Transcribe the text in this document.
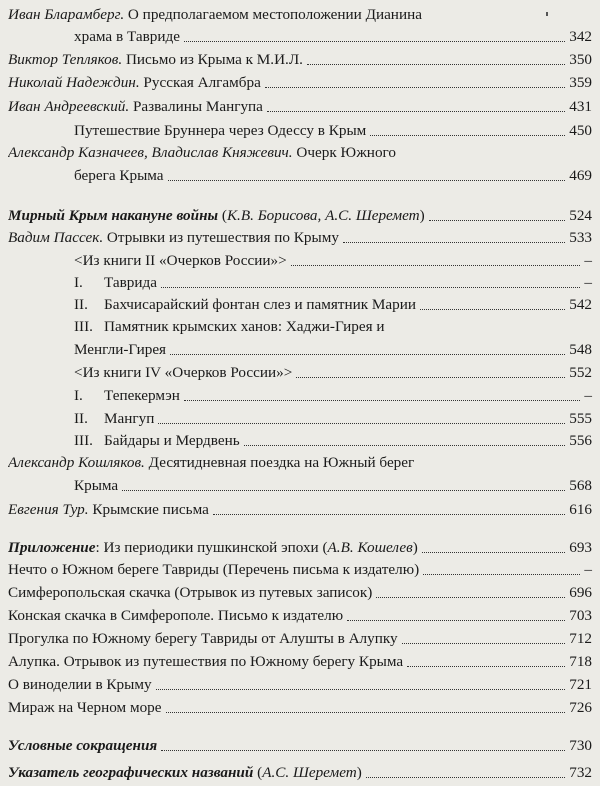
Иван Бларамберг. О предполагаемом местоположении Дианина
храма в Тавриде	342
Виктор Тепляков. Письмо из Крыма к М.И.Л.	350
Николай Надеждин. Русская Алгамбра	359
Иван Андреевский. Развалины Мангупа	431
Путешествие Бруннера через Одессу в Крым	450
Александр Казначеев, Владислав Княжевич. Очерк Южного
берега Крыма	469
Мирный Крым накануне войны (К.В. Борисова, А.С. Шеремет)	524
Вадим Пассек. Отрывки из путешествия по Крыму	533
<Из книги II «Очерков России»>	–
I. Таврида	–
II. Бахчисарайский фонтан слез и памятник Марии	542
III. Памятник крымских ханов: Хаджи-Гирея и
Менгли-Гирея	548
<Из книги IV «Очерков России»>	552
I. Тепекермэн	–
II. Мангуп	555
III. Байдары и Мердвень	556
Александр Кошляков. Десятидневная поездка на Южный берег
Крыма	568
Евгения Тур. Крымские письма	616
Приложение: Из периодики пушкинской эпохи (А.В. Кошелев)	693
Нечто о Южном береге Тавриды (Перечень письма к издателю)	–
Симферопольская скачка (Отрывок из путевых записок)	696
Конская скачка в Симферополе. Письмо к издателю	703
Прогулка по Южному берегу Тавриды от Алушты в Алупку	712
Алупка. Отрывок из путешествия по Южному берегу Крыма	718
О виноделии в Крыму	721
Мираж на Черном море	726
Условные сокращения	730
Указатель географических названий (А.С. Шеремет)	732
